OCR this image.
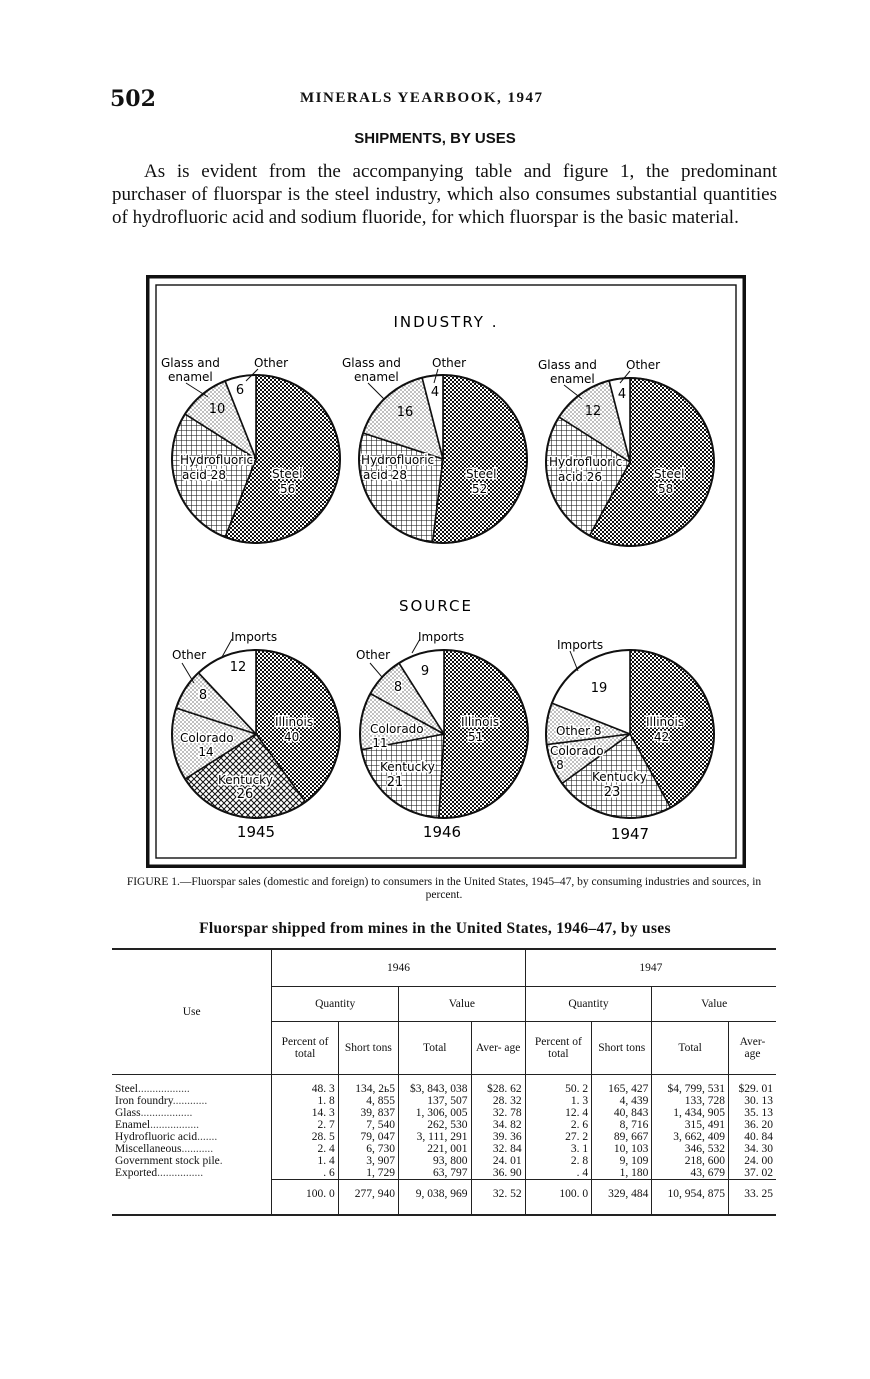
502	MINERALS YEARBOOK, 1947
SHIPMENTS, BY USES
As is evident from the accompanying table and figure 1, the predominant purchaser of fluorspar is the steel industry, which also consumes substantial quantities of hydrofluoric acid and sodium fluoride, for which fluorspar is the basic material.
INDUSTRY .
SOURCE
Glass and
enamel
Other
6
10
Hydrofluoric
acid 28	Steel
56
Glass and
enamel
Other
4
16
Hydrofluoric
acid 28	Steel
52
Glass and
enamel
Other
4
12
Hydrofluoric
acid 26	Steel
58
Imports
12
Other
8
Colorado
14
Kentucky
26
Illinois
40
1945
Imports
9
Other
8
Colorado
11
Kentucky
21
Illinois
51
1946
Imports
19
Other 8
Colorado
8
Kentucky
23
Illinois
42
1947
FIGURE 1.—Fluorspar sales (domestic and foreign) to consumers in the United States, 1945–47, by consuming industries and sources, in percent.
Fluorspar shipped from mines in the United States, 1946–47, by uses
Use	1946				1947			
	Quantity		Value		Quantity		Value	
	Percent of total	Short tons	Total	Aver- age	Percent of total	Short tons	Total	Aver- age
Steel..................	48. 3	134, 2ь5	$3, 843, 038	$28. 62	50. 2	165, 427	$4, 799, 531	$29. 01
Iron foundry............	1. 8	4, 855	137, 507	28. 32	1. 3	4, 439	133, 728	30. 13
Glass..................	14. 3	39, 837	1, 306, 005	32. 78	12. 4	40, 843	1, 434, 905	35. 13
Enamel.................	2. 7	7, 540	262, 530	34. 82	2. 6	8, 716	315, 491	36. 20
Hydrofluoric acid.......	28. 5	79, 047	3, 111, 291	39. 36	27. 2	89, 667	3, 662, 409	40. 84
Miscellaneous...........	2. 4	6, 730	221, 001	32. 84	3. 1	10, 103	346, 532	34. 30
Government stock pile.	1. 4	3, 907	93, 800	24. 01	2. 8	9, 109	218, 600	24. 00
Exported................	. 6	1, 729	63, 797	36. 90	. 4	1, 180	43, 679	37. 02
	100. 0	277, 940	9, 038, 969	32. 52	100. 0	329, 484	10, 954, 875	33. 25
